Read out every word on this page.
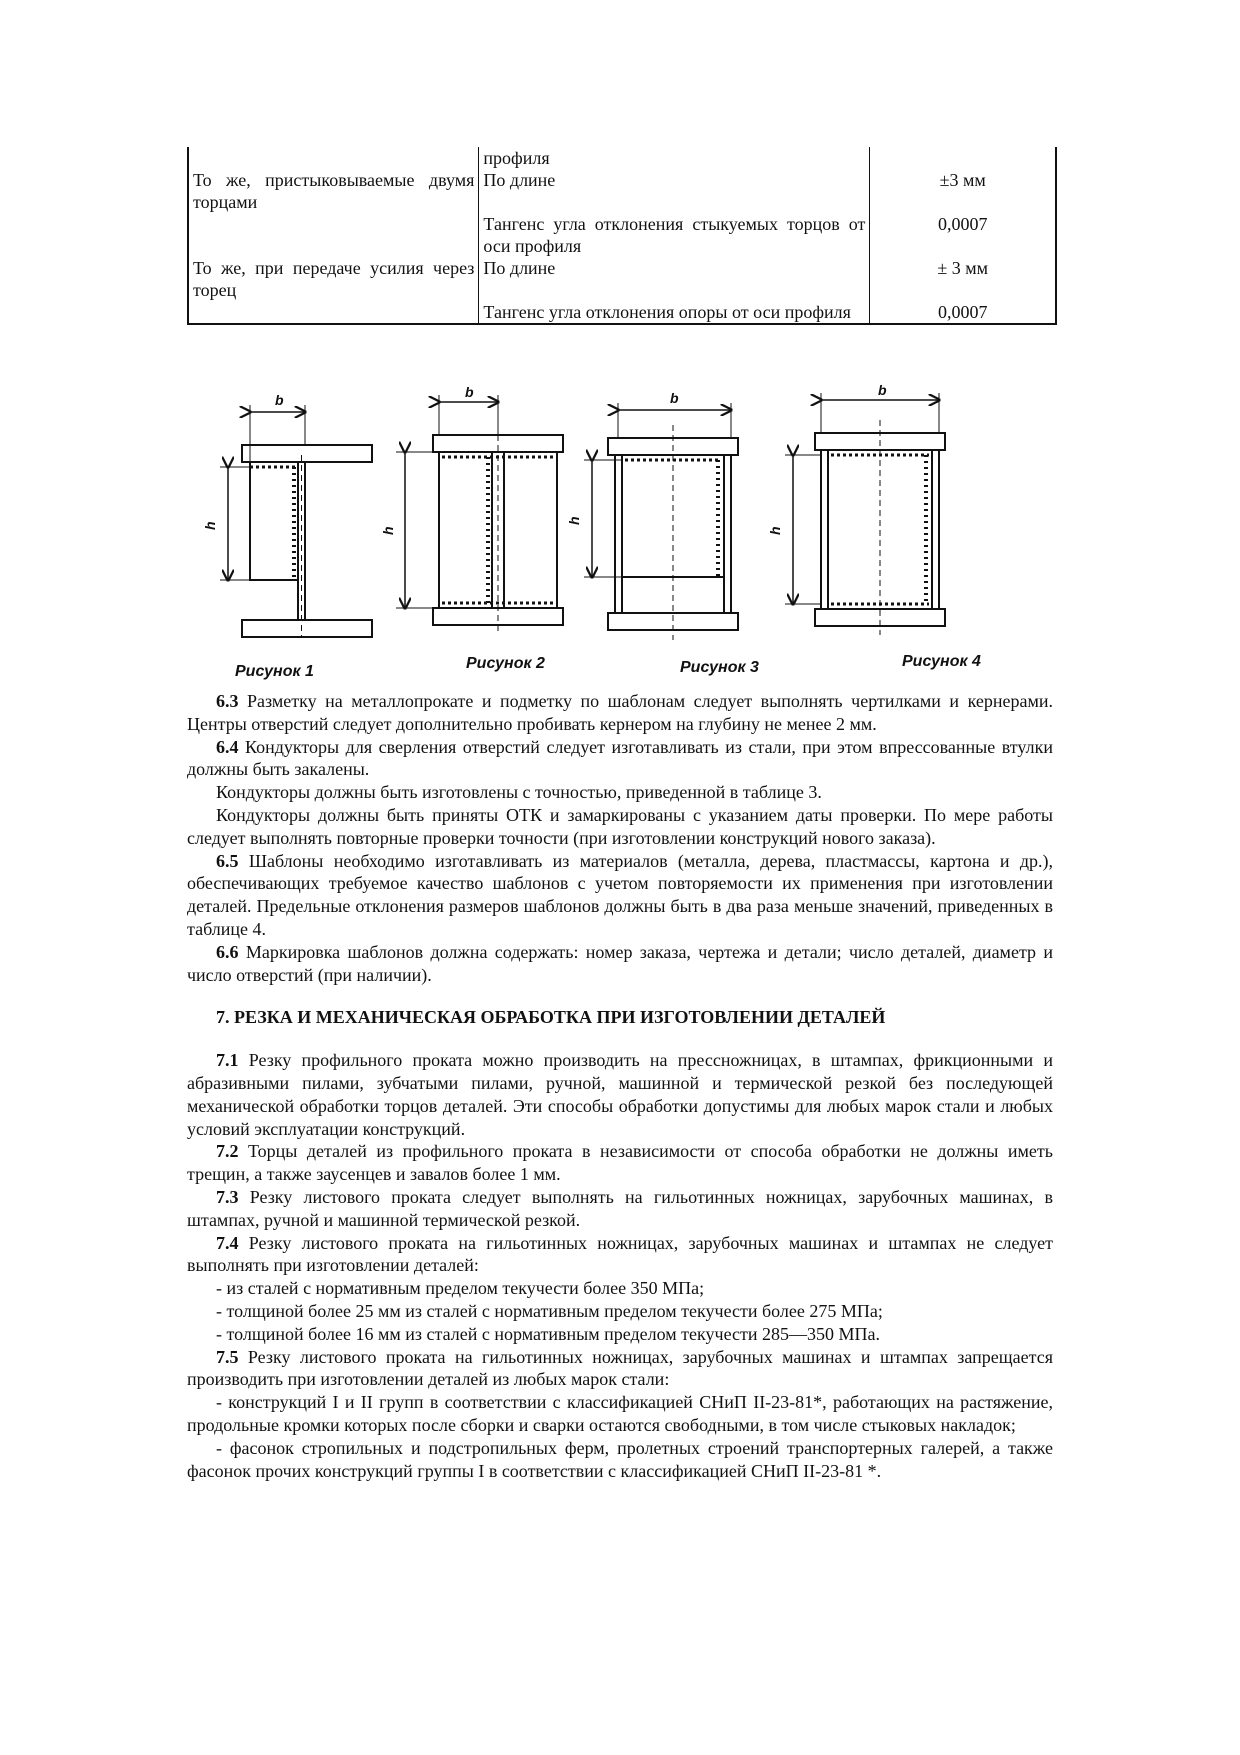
	профиля	
То же, пристыковываемые двумя торцами	По длине	±3 мм
	Тангенс угла отклонения стыкуемых торцов от оси профиля	0,0007
То же, при передаче усилия через торец	По длине	± 3 мм
	Тангенс угла отклонения опоры от оси профиля	0,0007
b	b	b	b
h
h
h
h
Рисунок 1	Рисунок 2	Рисунок 3	Рисунок 4

6.3 Разметку на металлопрокате и подметку по шаблонам следует выполнять чертилками и кернерами. Центры отверстий следует дополнительно пробивать кернером на глубину не менее 2 мм.

6.4 Кондукторы для сверления отверстий следует изготавливать из стали, при этом впрессованные втулки должны быть закалены.

Кондукторы должны быть изготовлены с точностью, приведенной в таблице 3.

Кондукторы должны быть приняты ОТК и замаркированы с указанием даты проверки. По мере работы следует выполнять повторные проверки точности (при изготовлении конструкций нового заказа).

6.5 Шаблоны необходимо изготавливать из материалов (металла, дерева, пластмассы, картона и др.), обеспечивающих требуемое качество шаблонов с учетом повторяемости их применения при изготовлении деталей. Предельные отклонения размеров шаблонов должны быть в два раза меньше значений, приведенных в таблице 4.

6.6 Маркировка шаблонов должна содержать: номер заказа, чертежа и детали; число деталей, диаметр и число отверстий (при наличии).

7. РЕЗКА И МЕХАНИЧЕСКАЯ ОБРАБОТКА ПРИ ИЗГОТОВЛЕНИИ ДЕТАЛЕЙ

7.1 Резку профильного проката можно производить на прессножницах, в штампах, фрикционными и абразивными пилами, зубчатыми пилами, ручной, машинной и термической резкой без последующей механической обработки торцов деталей. Эти способы обработки допустимы для любых марок стали и любых условий эксплуатации конструкций.

7.2 Торцы деталей из профильного проката в независимости от способа обработки не должны иметь трещин, а также заусенцев и завалов более 1 мм.

7.3 Резку листового проката следует выполнять на гильотинных ножницах, зарубочных машинах, в штампах, ручной и машинной термической резкой.

7.4 Резку листового проката на гильотинных ножницах, зарубочных машинах и штампах не следует выполнять при изготовлении деталей:

- из сталей с нормативным пределом текучести более 350 МПа;

- толщиной более 25 мм из сталей с нормативным пределом текучести более 275 МПа;

- толщиной более 16 мм из сталей с нормативным пределом текучести 285—350 МПа.

7.5 Резку листового проката на гильотинных ножницах, зарубочных машинах и штампах запрещается производить при изготовлении деталей из любых марок стали:

- конструкций I и II групп в соответствии с классификацией СНиП II-23-81*, работающих на растяжение, продольные кромки которых после сборки и сварки остаются свободными, в том числе стыковых накладок;

- фасонок стропильных и подстропильных ферм, пролетных строений транспортерных галерей, а также фасонок прочих конструкций группы I в соответствии с классификацией СНиП II-23-81 *.
